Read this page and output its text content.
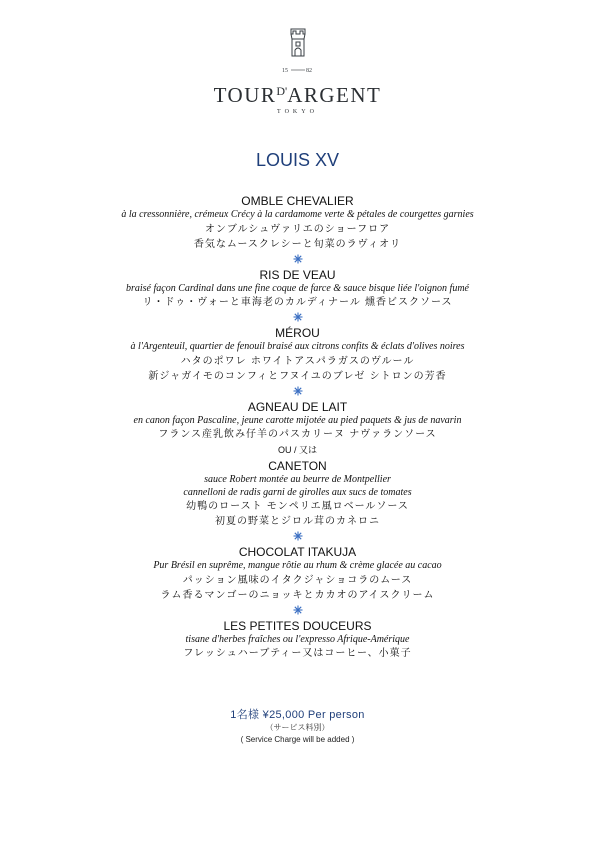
15	82
$TOUR^{D'}ARGENT$
TOKYO
LOUIS XV
OMBLE CHEVALIER
à la cressonnière, crémeux Crécy à la cardamome verte & pétales de courgettes garnies
オンブルシュヴァリエのショーフロア
香気なムースクレシーと旬菜のラヴィオリ
RIS DE VEAU
braisé façon Cardinal dans une fine coque de farce & sauce bisque liée l'oignon fumé
リ・ドゥ・ヴォーと車海老のカルディナール 燻香ビスクソース
MÉROU
à l'Argenteuil, quartier de fenouil braisé aux citrons confits & éclats d'olives noires
ハタのポワレ ホワイトアスパラガスのヴルール
新ジャガイモのコンフィとフヌイユのブレゼ シトロンの芳香
AGNEAU DE LAIT
en canon façon Pascaline, jeune carotte mijotée au pied paquets & jus de navarin
フランス産乳飲み仔羊のパスカリーヌ ナヴァランソース
OU / 又は
CANETON
sauce Robert montée au beurre de Montpellier
cannelloni de radis garni de girolles aux sucs de tomates
幼鴨のロースト モンペリエ風ロベールソース
初夏の野菜とジロル茸のカネロニ
CHOCOLAT ITAKUJA
Pur Brésil en suprême, mangue rôtie au rhum & crème glacée au cacao
パッション風味のイタクジャショコラのムース
ラム香るマンゴーのニョッキとカカオのアイスクリーム
LES PETITES DOUCEURS
tisane d'herbes fraîches ou l'expresso Afrique-Amérique
フレッシュハーブティー又はコーヒー、小菓子
1名様 ¥25,000 Per person
（サービス料別）
( Service Charge will be added )
